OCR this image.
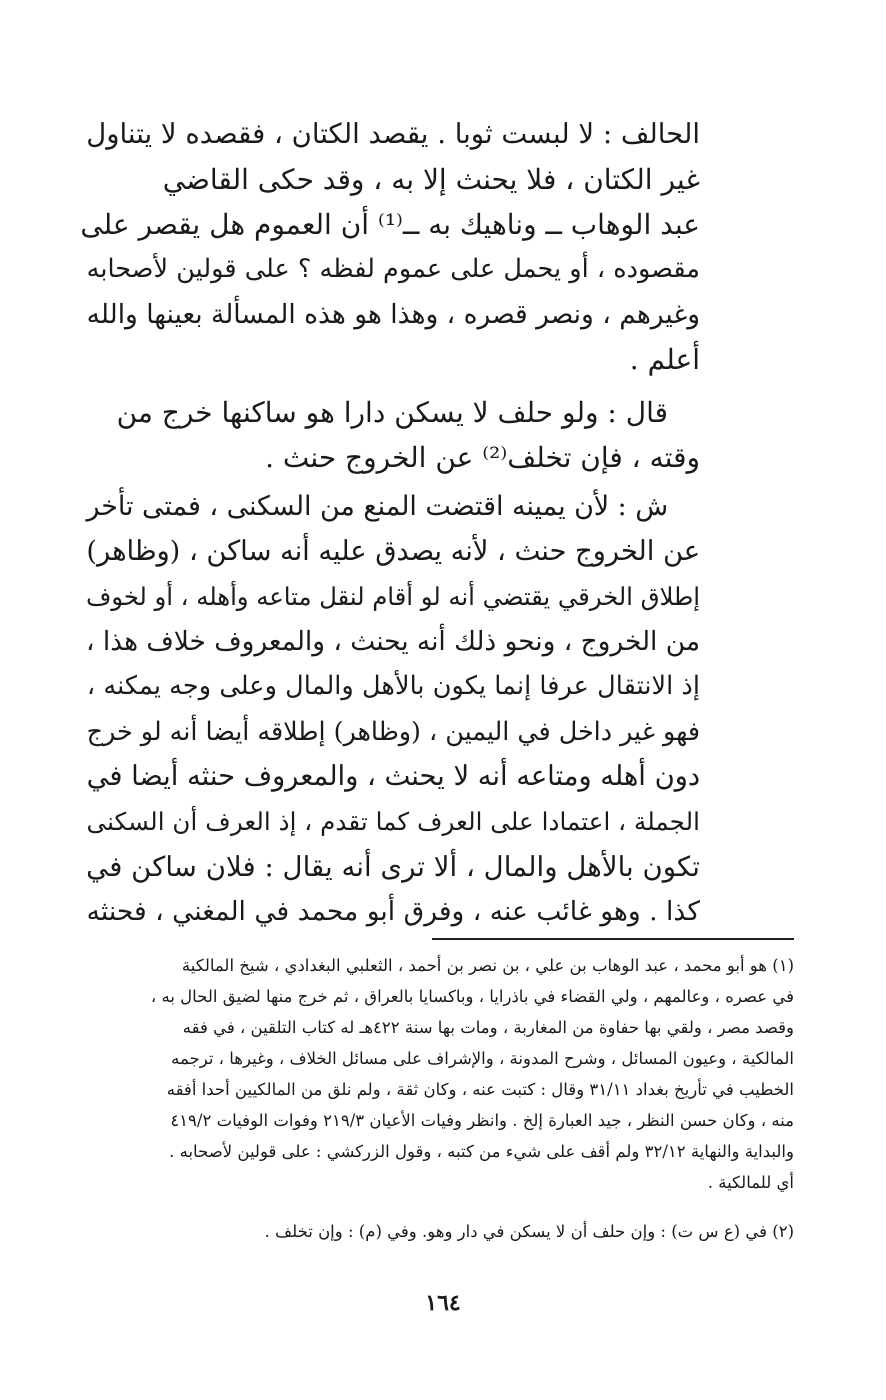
الحالف : لا لبست ثوبا . يقصد الكتان ، فقصده لا يتناول
غير الكتان ، فلا يحنث إلا به ، وقد حكى القاضي
عبد الوهاب ــ وناهيك به ــ⁽¹⁾ أن العموم هل يقصر على
مقصوده ، أو يحمل على عموم لفظه ؟ على قولين لأصحابه
وغيرهم ، ونصر قصره ، وهذا هو هذه المسألة بعينها والله
أعلم .
قال : ولو حلف لا يسكن دارا هو ساكنها خرج من
وقته ، فإن تخلف⁽²⁾ عن الخروج حنث .
ش : لأن يمينه اقتضت المنع من السكنى ، فمتى تأخر
عن الخروج حنث ، لأنه يصدق عليه أنه ساكن ، (وظاهر)
إطلاق الخرقي يقتضي أنه لو أقام لنقل متاعه وأهله ، أو لخوف
من الخروج ، ونحو ذلك أنه يحنث ، والمعروف خلاف هذا ،
إذ الانتقال عرفا إنما يكون بالأهل والمال وعلى وجه يمكنه ،
فهو غير داخل في اليمين ، (وظاهر) إطلاقه أيضا أنه لو خرج
دون أهله ومتاعه أنه لا يحنث ، والمعروف حنثه أيضا في
الجملة ، اعتمادا على العرف كما تقدم ، إذ العرف أن السكنى
تكون بالأهل والمال ، ألا ترى أنه يقال : فلان ساكن في
كذا . وهو غائب عنه ، وفرق أبو محمد في المغني ، فحنثه
(١) هو أبو محمد ، عبد الوهاب بن علي ، بن نصر بن أحمد ، الثعلبي البغدادي ، شيخ المالكية
في عصره ، وعالمهم ، ولي القضاء في باذرايا ، وباكسايا بالعراق ، ثم خرج منها لضيق الحال به ،
وقصد مصر ، ولقي بها حفاوة من المغاربة ، ومات بها سنة ٤٢٢هـ له كتاب التلقين ، في فقه
المالكية ، وعيون المسائل ، وشرح المدونة ، والإشراف على مسائل الخلاف ، وغيرها ، ترجمه
الخطيب في تأريخ بغداد ٣١/١١ وقال : كتبت عنه ، وكان ثقة ، ولم نلق من المالكيين أحدا أفقه
منه ، وكان حسن النظر ، جيد العبارة إلخ . وانظر وفيات الأعيان ٢١٩/٣ وفوات الوفيات ٤١٩/٢
والبداية والنهاية ٣٢/١٢ ولم أقف على شيء من كتبه ، وقول الزركشي : على قولين لأصحابه .
أي للمالكية .
(٢) في (ع س ت) : وإن حلف أن لا يسكن في دار وهو. وفي (م) : وإن تخلف .
١٦٤
